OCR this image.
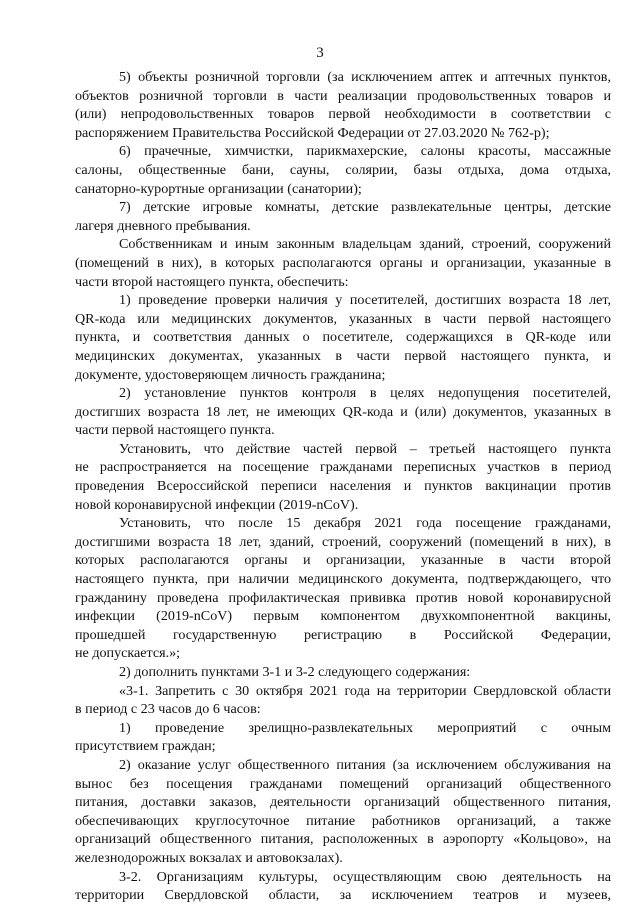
3
5) объекты розничной торговли (за исключением аптек и аптечных пунктов,
объектов розничной торговли в части реализации продовольственных товаров и
(или) непродовольственных товаров первой необходимости в соответствии с
распоряжением Правительства Российской Федерации от 27.03.2020 № 762-р);
6) прачечные, химчистки, парикмахерские, салоны красоты, массажные
салоны, общественные бани, сауны, солярии, базы отдыха, дома отдыха,
санаторно-курортные организации (санатории);
7) детские игровые комнаты, детские развлекательные центры, детские
лагеря дневного пребывания.
Собственникам и иным законным владельцам зданий, строений, сооружений
(помещений в них), в которых располагаются органы и организации, указанные в
части второй настоящего пункта, обеспечить:
1) проведение проверки наличия у посетителей, достигших возраста 18 лет,
QR-кода или медицинских документов, указанных в части первой настоящего
пункта, и соответствия данных о посетителе, содержащихся в QR-коде или
медицинских документах, указанных в части первой настоящего пункта, и
документе, удостоверяющем личность гражданина;
2) установление пунктов контроля в целях недопущения посетителей,
достигших возраста 18 лет, не имеющих QR-кода и (или) документов, указанных в
части первой настоящего пункта.
Установить, что действие частей первой – третьей настоящего пункта
не распространяется на посещение гражданами переписных участков в период
проведения Всероссийской переписи населения и пунктов вакцинации против
новой коронавирусной инфекции (2019-nCoV).
Установить, что после 15 декабря 2021 года посещение гражданами,
достигшими возраста 18 лет, зданий, строений, сооружений (помещений в них), в
которых располагаются органы и организации, указанные в части второй
настоящего пункта, при наличии медицинского документа, подтверждающего, что
гражданину проведена профилактическая прививка против новой коронавирусной
инфекции (2019-nCoV) первым компонентом двухкомпонентной вакцины,
прошедшей государственную регистрацию в Российской Федерации,
не допускается.»;
2) дополнить пунктами 3-1 и 3-2 следующего содержания:
«3-1. Запретить с 30 октября 2021 года на территории Свердловской области
в период с 23 часов до 6 часов:
1) проведение зрелищно-развлекательных мероприятий с очным
присутствием граждан;
2) оказание услуг общественного питания (за исключением обслуживания на
вынос без посещения гражданами помещений организаций общественного
питания, доставки заказов, деятельности организаций общественного питания,
обеспечивающих круглосуточное питание работников организаций, а также
организаций общественного питания, расположенных в аэропорту «Кольцово», на
железнодорожных вокзалах и автовокзалах).
3-2. Организациям культуры, осуществляющим свою деятельность на
территории Свердловской области, за исключением театров и музеев,
